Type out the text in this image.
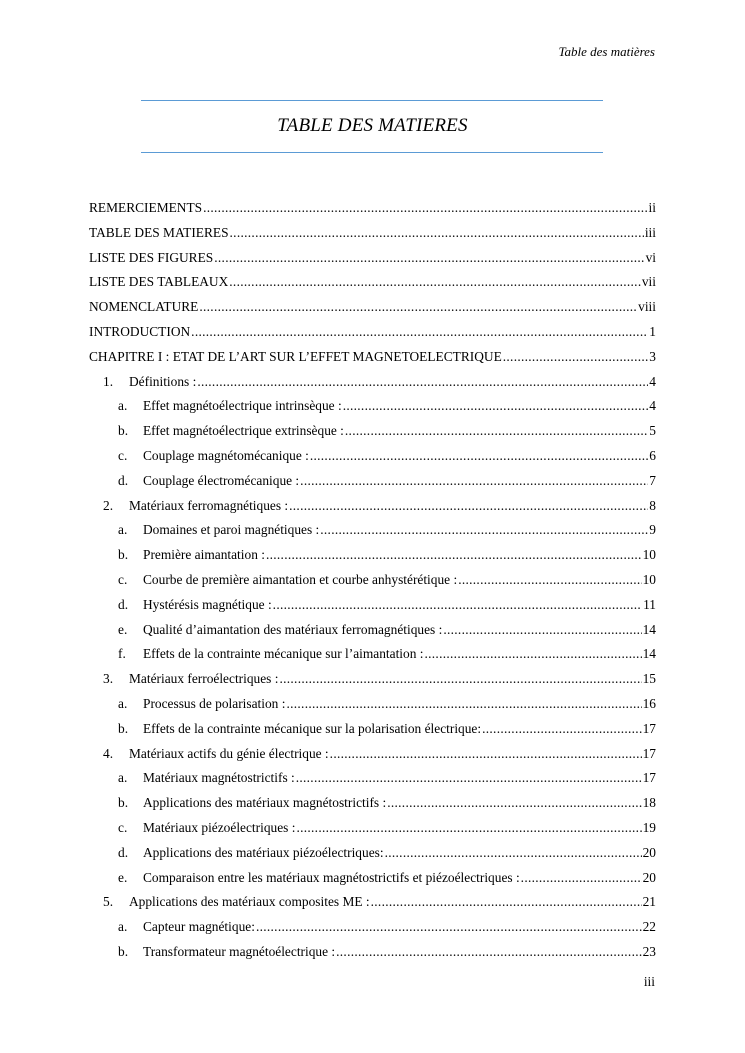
Table des matières
TABLE DES MATIERES
REMERCIEMENTS .....	ii
TABLE DES MATIERES .....	iii
LISTE DES FIGURES .....	vi
LISTE DES TABLEAUX .....	vii
NOMENCLATURE .....	viii
INTRODUCTION .....	1
CHAPITRE I : ETAT DE L’ART SUR L’EFFET MAGNETOELECTRIQUE .....	3
1.	Définitions : .....	4
a.	Effet magnétoélectrique intrinsèque : .....	4
b.	Effet magnétoélectrique extrinsèque : .....	5
c.	Couplage magnétomécanique : .....	6
d.	Couplage électromécanique : .....	7
2.	Matériaux ferromagnétiques : .....	8
a.	Domaines et paroi magnétiques : .....	9
b.	Première aimantation : .....	10
c.	Courbe de première aimantation et courbe anhystérétique : .....	10
d.	Hystérésis magnétique : .....	11
e.	Qualité d’aimantation des matériaux ferromagnétiques : .....	14
f.	Effets de la contrainte mécanique sur l’aimantation : .....	14
3.	Matériaux ferroélectriques : .....	15
a.	Processus de polarisation : .....	16
b.	Effets de la contrainte mécanique sur la polarisation électrique: .....	17
4.	Matériaux actifs du génie électrique : .....	17
a.	Matériaux magnétostrictifs : .....	17
b.	Applications des matériaux magnétostrictifs : .....	18
c.	Matériaux piézoélectriques : .....	19
d.	Applications des matériaux piézoélectriques: .....	20
e.	Comparaison entre les matériaux magnétostrictifs et piézoélectriques : .....	20
5.	Applications des matériaux composites ME : .....	21
a.	Capteur magnétique: .....	22
b.	Transformateur magnétoélectrique : .....	23
iii
